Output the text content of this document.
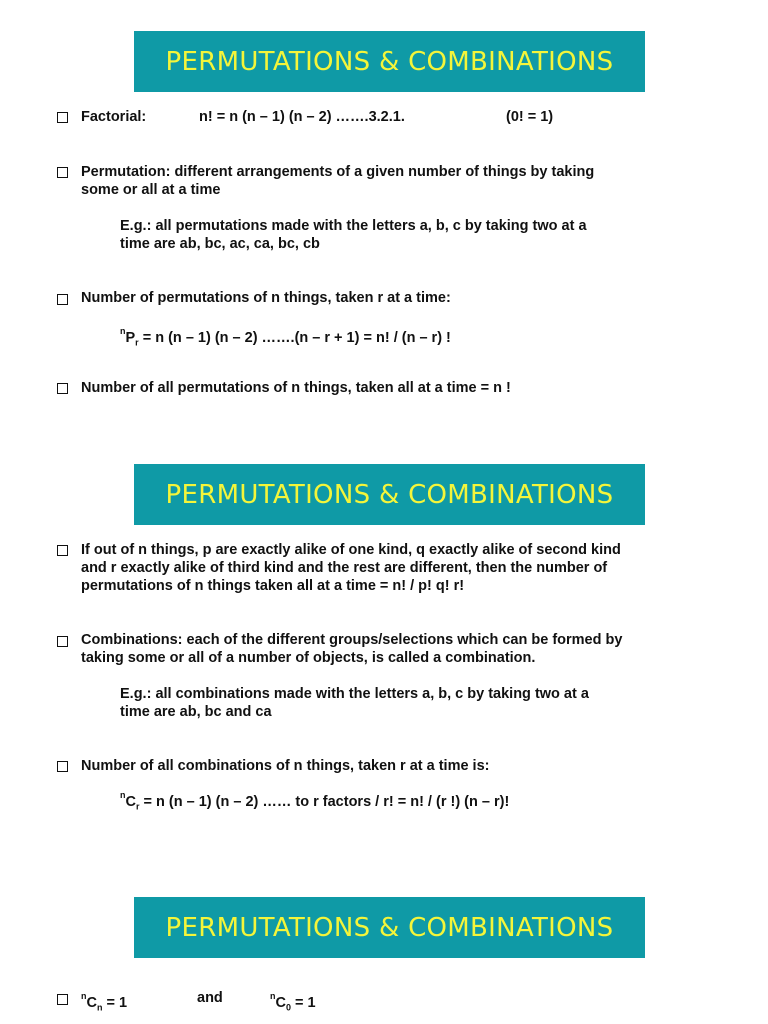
PERMUTATIONS & COMBINATIONS
Factorial:	n! = n (n – 1) (n – 2) …….3.2.1.	(0! = 1)
Permutation: different arrangements of a given number of things by taking
some or all at a time
E.g.: all permutations made with the letters a, b, c by taking two at a
time are ab, bc, ac, ca, bc, cb
Number of permutations of n things, taken r at a time:
$^nP_r = n$ (n – 1) (n – 2) …….(n – r + 1) = n! / (n – r) !
Number of all permutations of n things, taken all at a time = n !
PERMUTATIONS & COMBINATIONS
If out of n things, p are exactly alike of one kind, q exactly alike of second kind
and r exactly alike of third kind and the rest are different, then the number of
permutations of n things taken all at a time = n! / p! q! r!
Combinations: each of the different groups/selections which can be formed by
taking some or all of a number of objects, is called a combination.
E.g.: all combinations made with the letters a, b, c by taking two at a
time are ab, bc and ca
Number of all combinations of n things, taken r at a time is:
$^nC_r = n$ (n – 1) (n – 2) …… to r factors / r! = n! / (r !) (n – r)!
PERMUTATIONS & COMBINATIONS
$^nC_n = 1$	and	$^nC_0 = 1$
